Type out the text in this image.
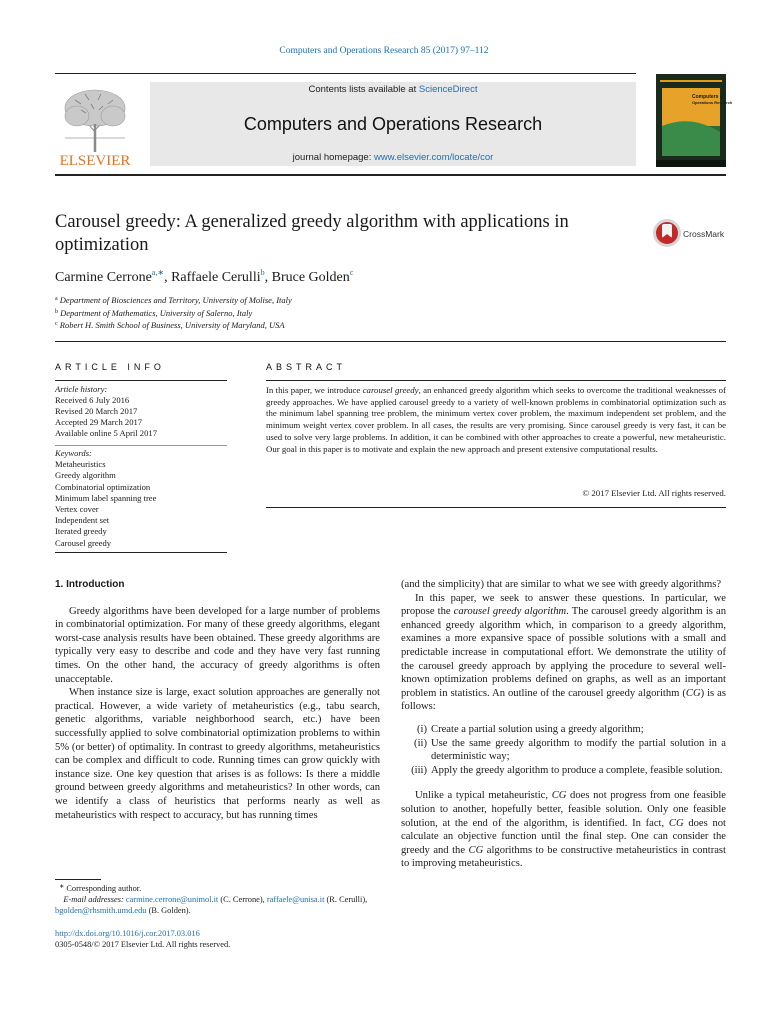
Computers and Operations Research 85 (2017) 97–112
ELSEVIER
Contents lists available at ScienceDirect
Computers and Operations Research
journal homepage: www.elsevier.com/locate/cor
Computers &
Operations Research
Carousel greedy: A generalized greedy algorithm with applications in optimization
CrossMark
Carmine Cerrone$^{a,∗}$, Raffaele Cerulli$^b$, Bruce Golden$^c$
$^a$ Department of Biosciences and Territory, University of Molise, Italy
$^b$ Department of Mathematics, University of Salerno, Italy
$^c$ Robert H. Smith School of Business, University of Maryland, USA
ARTICLE INFO	ABSTRACT
Article history:
Received 6 July 2016
Revised 20 March 2017
Accepted 29 March 2017
Available online 5 April 2017
Keywords:
Metaheuristics
Greedy algorithm
Combinatorial optimization
Minimum label spanning tree
Vertex cover
Independent set
Iterated greedy
Carousel greedy
In this paper, we introduce carousel greedy, an enhanced greedy algorithm which seeks to overcome the traditional weaknesses of greedy approaches. We have applied carousel greedy to a variety of well-known problems in combinatorial optimization such as the minimum label spanning tree problem, the minimum vertex cover problem, the maximum independent set problem, and the minimum weight vertex cover problem. In all cases, the results are very promising. Since carousel greedy is very fast, it can be used to solve very large problems. In addition, it can be combined with other approaches to create a powerful, new metaheuristic. Our goal in this paper is to motivate and explain the new approach and present extensive computational results.
© 2017 Elsevier Ltd. All rights reserved.
1. Introduction

Greedy algorithms have been developed for a large number of problems in combinatorial optimization. For many of these greedy algorithms, elegant worst-case analysis results have been obtained. These greedy algorithms are typically very easy to describe and code and they have very fast running times. On the other hand, the accuracy of greedy algorithms is often unacceptable.

When instance size is large, exact solution approaches are generally not practical. However, a wide variety of metaheuristics (e.g., tabu search, genetic algorithms, variable neighborhood search, etc.) have been successfully applied to solve combinatorial optimization problems to within 5% (or better) of optimality. In contrast to greedy algorithms, metaheuristics can be complex and difficult to code. Running times can grow quickly with instance size. One key question that arises is as follows: Is there a middle ground between greedy algorithms and metaheuristics? In other words, can we identify a class of heuristics that performs nearly as well as metaheuristics with respect to accuracy, but has running times

(and the simplicity) that are similar to what we see with greedy algorithms?

In this paper, we seek to answer these questions. In particular, we propose the carousel greedy algorithm. The carousel greedy algorithm is an enhanced greedy algorithm which, in comparison to a greedy algorithm, examines a more expansive space of possible solutions with a small and predictable increase in computational effort. We demonstrate the utility of the carousel greedy approach by applying the procedure to several well-known optimization problems defined on graphs, as well as an important problem in statistics. An outline of the carousel greedy algorithm (CG) is as follows:

(i) Create a partial solution using a greedy algorithm;
(ii) Use the same greedy algorithm to modify the partial solution in a deterministic way;
(iii) Apply the greedy algorithm to produce a complete, feasible solution.

Unlike a typical metaheuristic, CG does not progress from one feasible solution to another, hopefully better, feasible solution. Only one feasible solution, at the end of the algorithm, is identified. In fact, CG does not calculate an objective function until the final step. One can consider the greedy and the CG algorithms to be constructive metaheuristics in contrast to improving metaheuristics.

∗ Corresponding author.
E-mail addresses: carmine.cerrone@unimol.it (C. Cerrone), raffaele@unisa.it (R. Cerulli), bgolden@rhsmith.umd.edu (B. Golden).
http://dx.doi.org/10.1016/j.cor.2017.03.016
0305-0548/© 2017 Elsevier Ltd. All rights reserved.
